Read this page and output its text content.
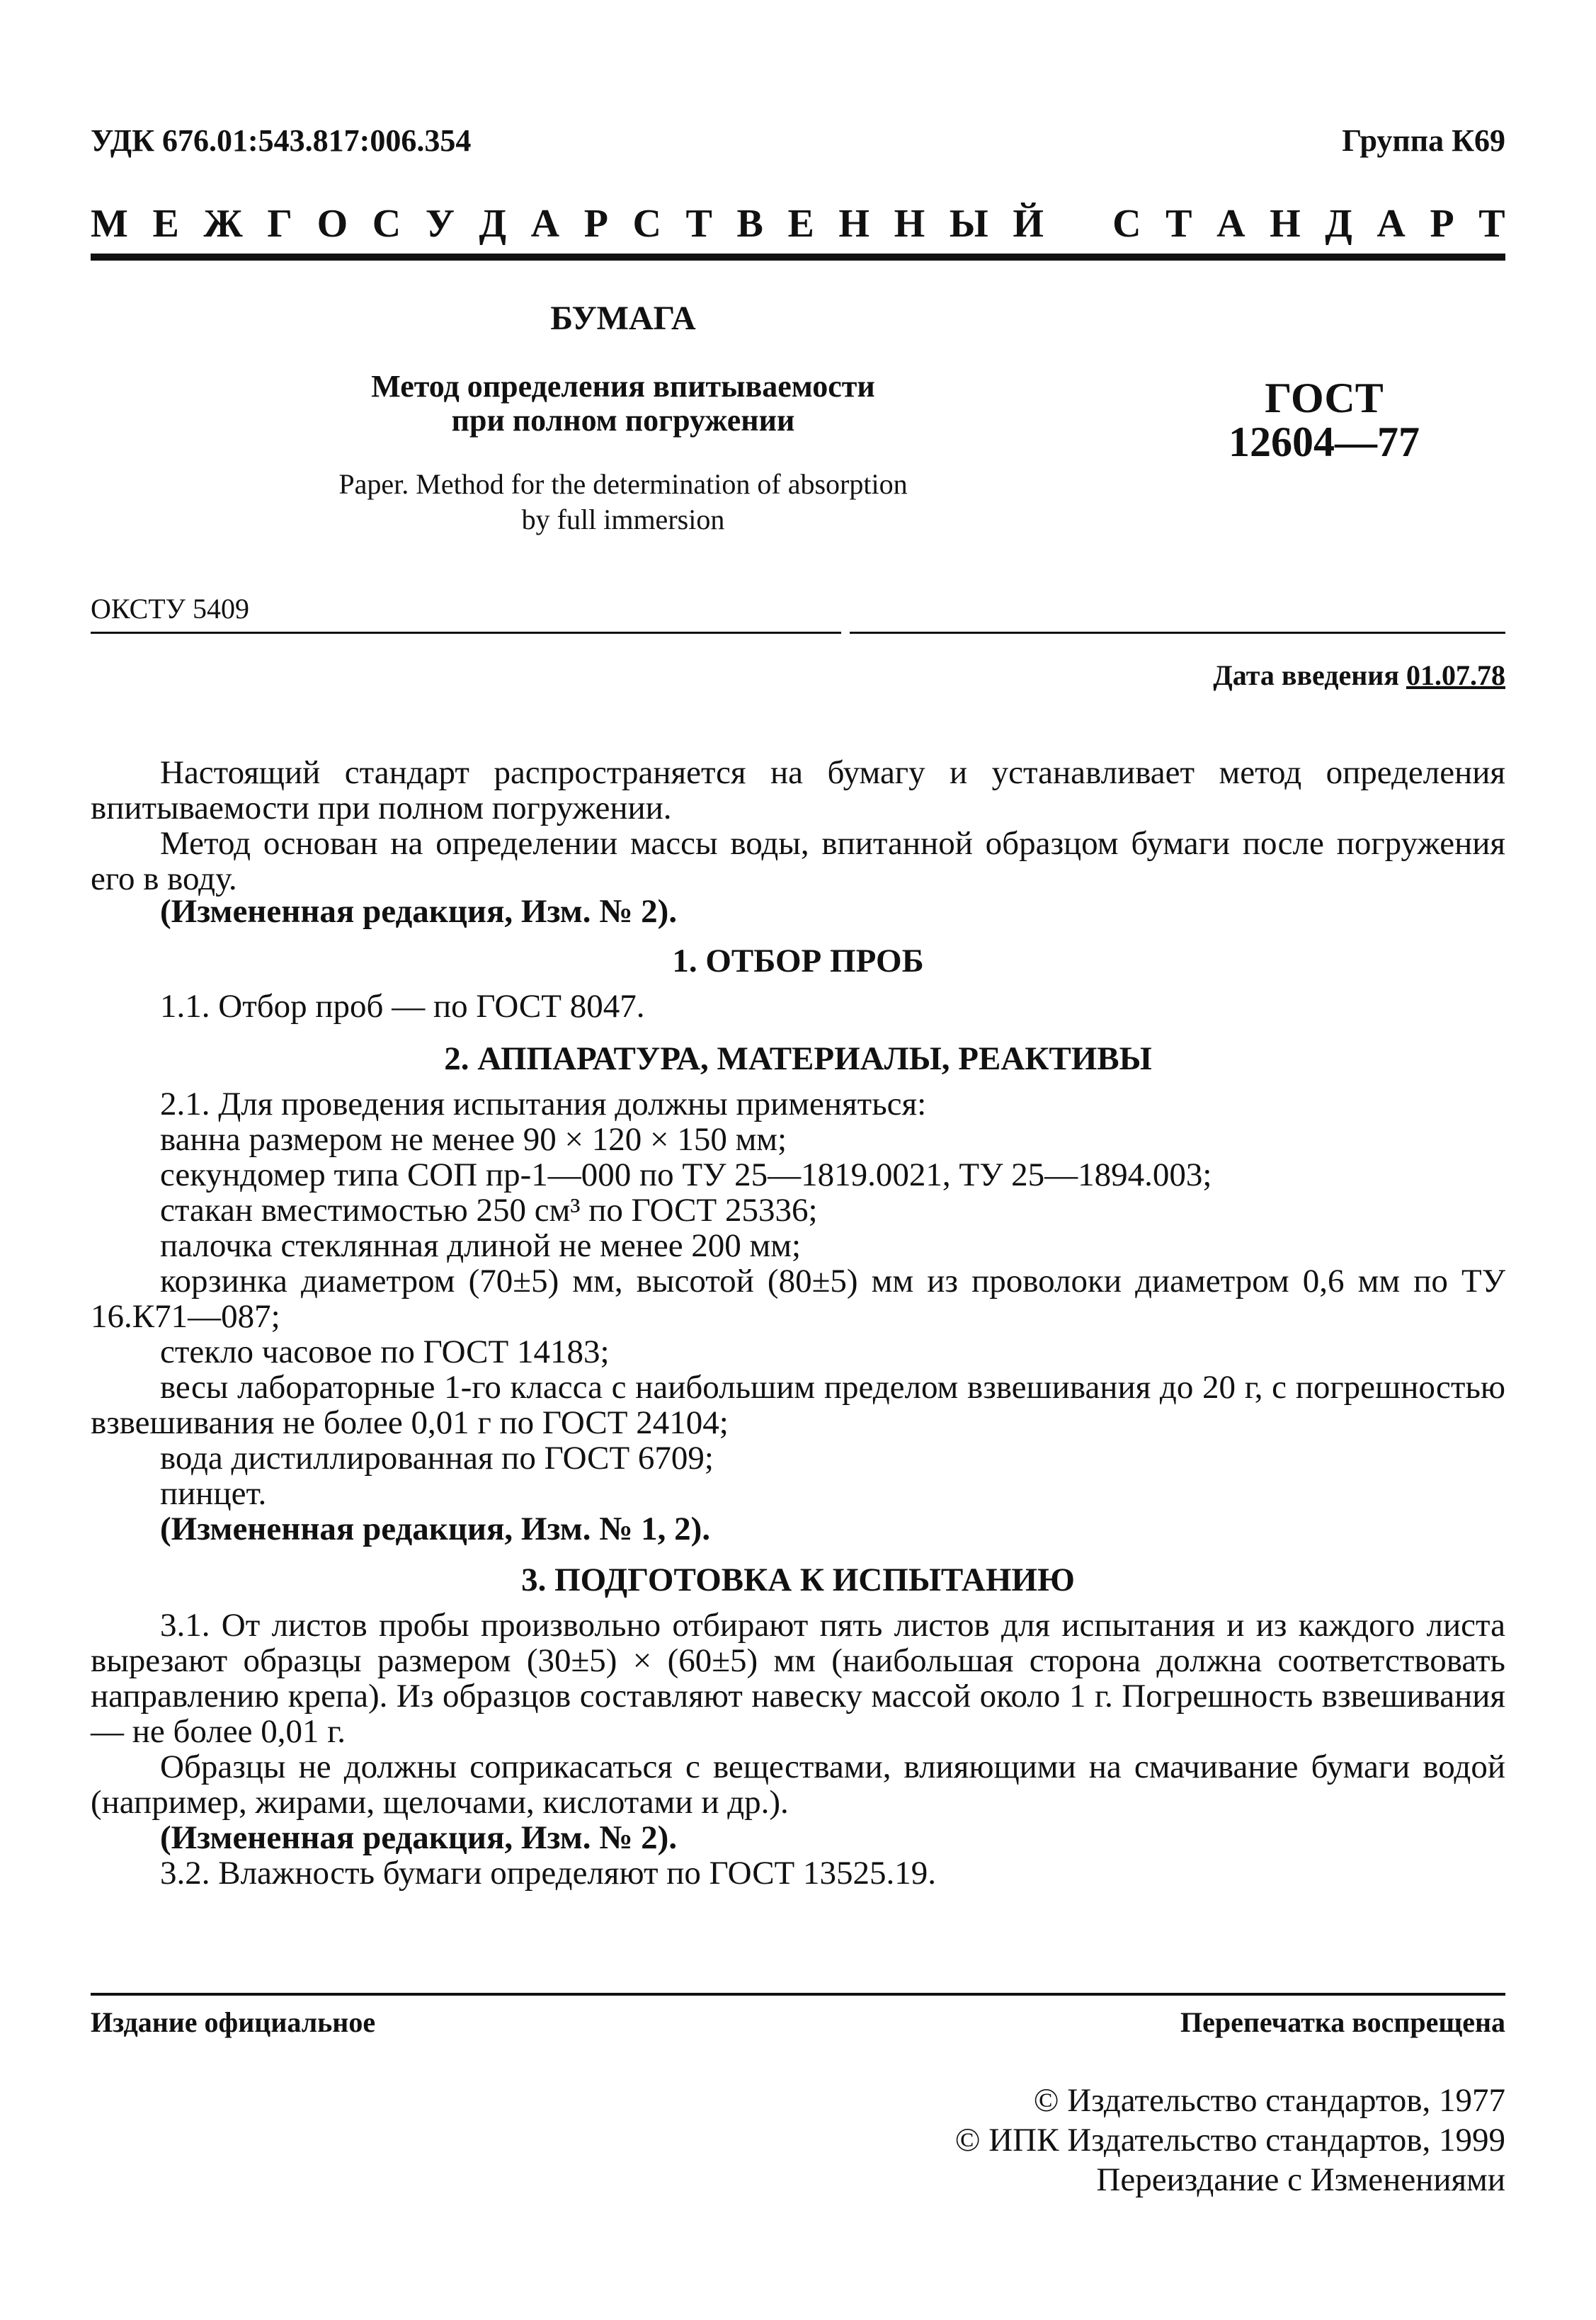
УДК 676.01:543.817:006.354	Группа К69
М Е Ж Г О С У Д А Р С Т В Е Н Н Ы Й
С Т А Н Д А Р Т
БУМАГА
Метод определения впитываемости
при полном погружении
Paper. Method for the determination of absorption
by full immersion
ГОСТ
12604—77
ОКСТУ 5409
Дата введения 01.07.78
Настоящий стандарт распространяется на бумагу и устанавливает метод определения впитываемости при полном погружении.
Метод основан на определении массы воды, впитанной образцом бумаги после погружения его в воду.
(Измененная редакция, Изм. № 2).
1. ОТБОР ПРОБ
1.1. Отбор проб — по ГОСТ 8047.
2. АППАРАТУРА, МАТЕРИАЛЫ, РЕАКТИВЫ
2.1. Для проведения испытания должны применяться:
ванна размером не менее 90 × 120 × 150 мм;
секундомер типа СОП пр-1—000 по ТУ 25—1819.0021, ТУ 25—1894.003;
стакан вместимостью 250 см³ по ГОСТ 25336;
палочка стеклянная длиной не менее 200 мм;
корзинка диаметром (70±5) мм, высотой (80±5) мм из проволоки диаметром 0,6 мм по ТУ 16.К71—087;
стекло часовое по ГОСТ 14183;
весы лабораторные 1-го класса с наибольшим пределом взвешивания до 20 г, с погрешностью взвешивания не более 0,01 г по ГОСТ 24104;
вода дистиллированная по ГОСТ 6709;
пинцет.
(Измененная редакция, Изм. № 1, 2).
3. ПОДГОТОВКА К ИСПЫТАНИЮ
3.1. От листов пробы произвольно отбирают пять листов для испытания и из каждого листа вырезают образцы размером (30±5) × (60±5) мм (наибольшая сторона должна соответствовать направлению крепа). Из образцов составляют навеску массой около 1 г. Погрешность взвешивания — не более 0,01 г.
Образцы не должны соприкасаться с веществами, влияющими на смачивание бумаги водой (например, жирами, щелочами, кислотами и др.).
(Измененная редакция, Изм. № 2).
3.2. Влажность бумаги определяют по ГОСТ 13525.19.
Издание официальное	Перепечатка воспрещена
© Издательство стандартов, 1977
© ИПК Издательство стандартов, 1999
Переиздание с Изменениями
